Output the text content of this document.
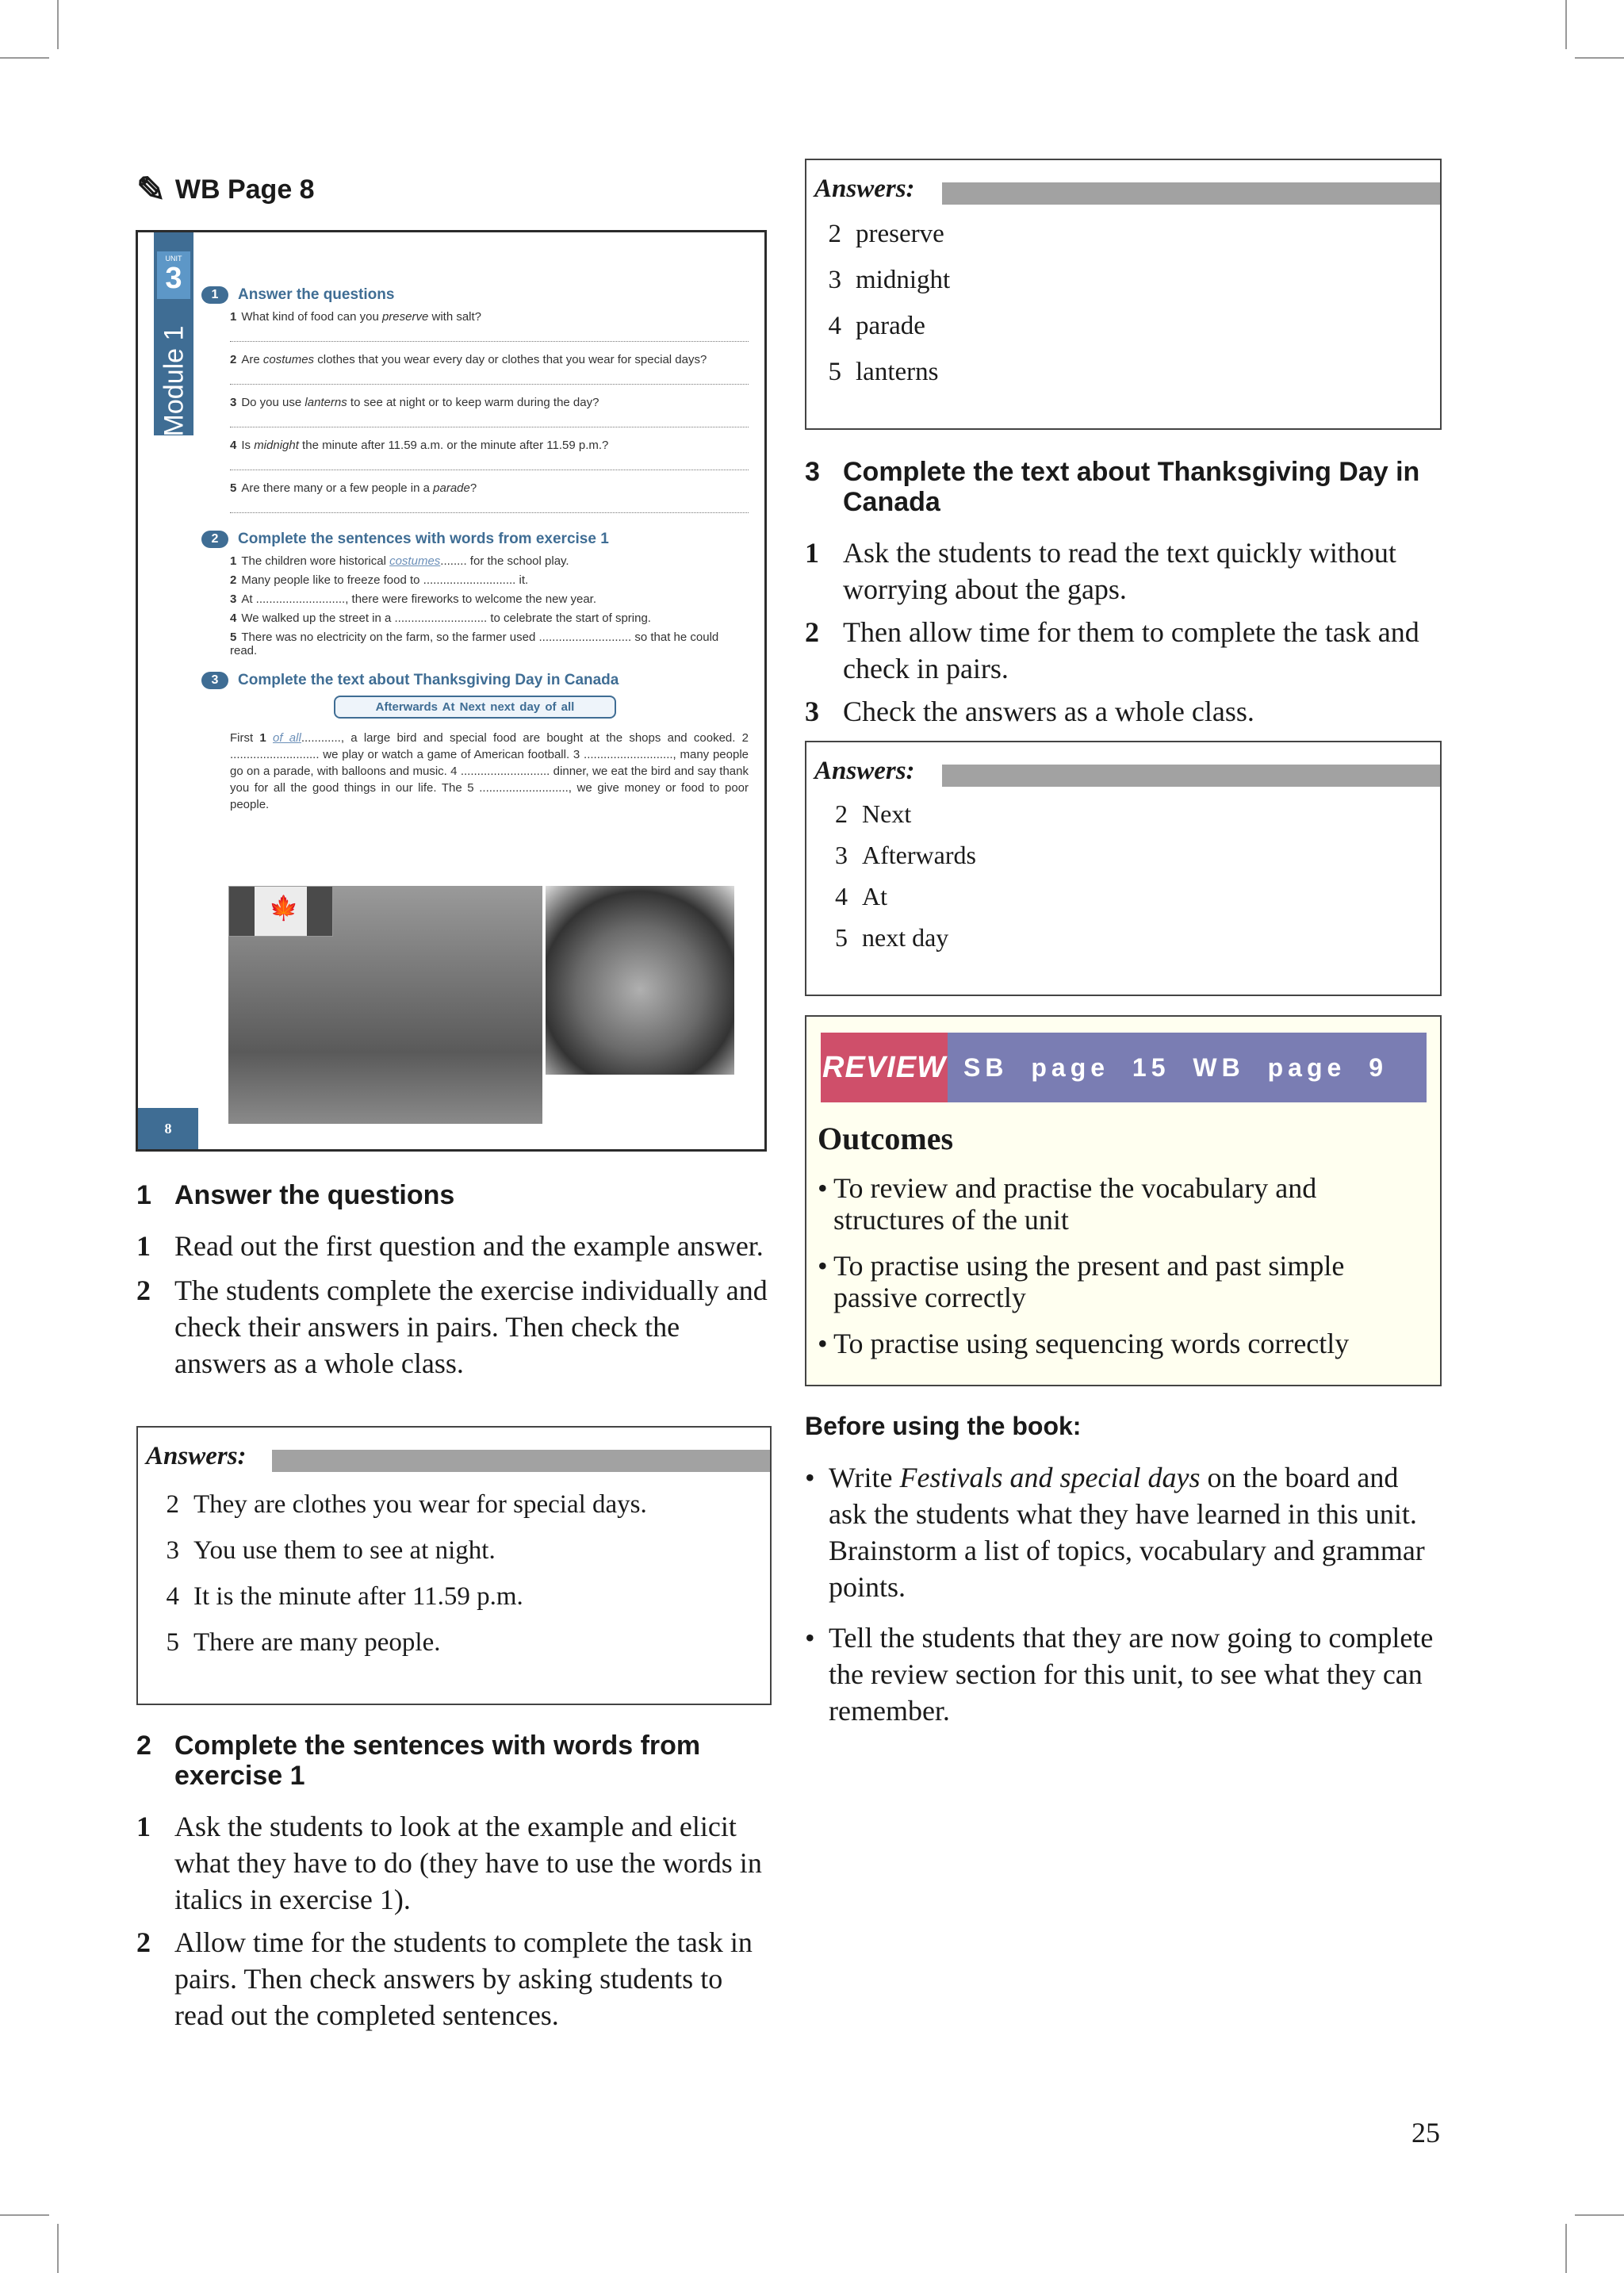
✎ WB Page 8
UNIT
3
Module 1
1	Answer the questions
1 What kind of food can you preserve with salt?
2 Are costumes clothes that you wear every day or clothes that you wear for special days?
3 Do you use lanterns to see at night or to keep warm during the day?
4 Is midnight the minute after 11.59 a.m. or the minute after 11.59 p.m.?
5 Are there many or a few people in a parade?
2	Complete the sentences with words from exercise 1
1 The children wore historical costumes........ for the school play.
2 Many people like to freeze food to ............................ it.
3 At ..........................., there were fireworks to welcome the new year.
4 We walked up the street in a ............................ to celebrate the start of spring.
5 There was no electricity on the farm, so the farmer used ............................ so that he could read.
3	Complete the text about Thanksgiving Day in Canada
Afterwards At Next next day of all
First 1 of all............, a large bird and special food are bought at the shops and cooked. 2 ........................... we play or watch a game of American football. 3 ..........................., many people go on a parade, with balloons and music. 4 ........................... dinner, we eat the bird and say thank you for all the good things in our life. The 5 ..........................., we give money or food to poor people.
🍁
8
1 Answer the questions
1 Read out the first question and the example answer.
2 The students complete the exercise individually and check their answers in pairs. Then check the answers as a whole class.
Answers:
2 They are clothes you wear for special days.
3 You use them to see at night.
4 It is the minute after 11.59 p.m.
5 There are many people.
2 Complete the sentences with words from exercise 1
1 Ask the students to look at the example and elicit what they have to do (they have to use the words in italics in exercise 1).
2 Allow time for the students to complete the task in pairs. Then check answers by asking students to read out the completed sentences.
Answers:
2 preserve
3 midnight
4 parade
5 lanterns
3 Complete the text about Thanksgiving Day in Canada
1 Ask the students to read the text quickly without worrying about the gaps.
2 Then allow time for them to complete the task and check in pairs.
3 Check the answers as a whole class.
Answers:
2 Next
3 Afterwards
4 At
5 next day
REVIEW SB page 15 WB page 9
Outcomes
• To review and practise the vocabulary and structures of the unit
• To practise using the present and past simple passive correctly
• To practise using sequencing words correctly
Before using the book:
• Write Festivals and special days on the board and ask the students what they have learned in this unit. Brainstorm a list of topics, vocabulary and grammar points.
• Tell the students that they are now going to complete the review section for this unit, to see what they can remember.
25
